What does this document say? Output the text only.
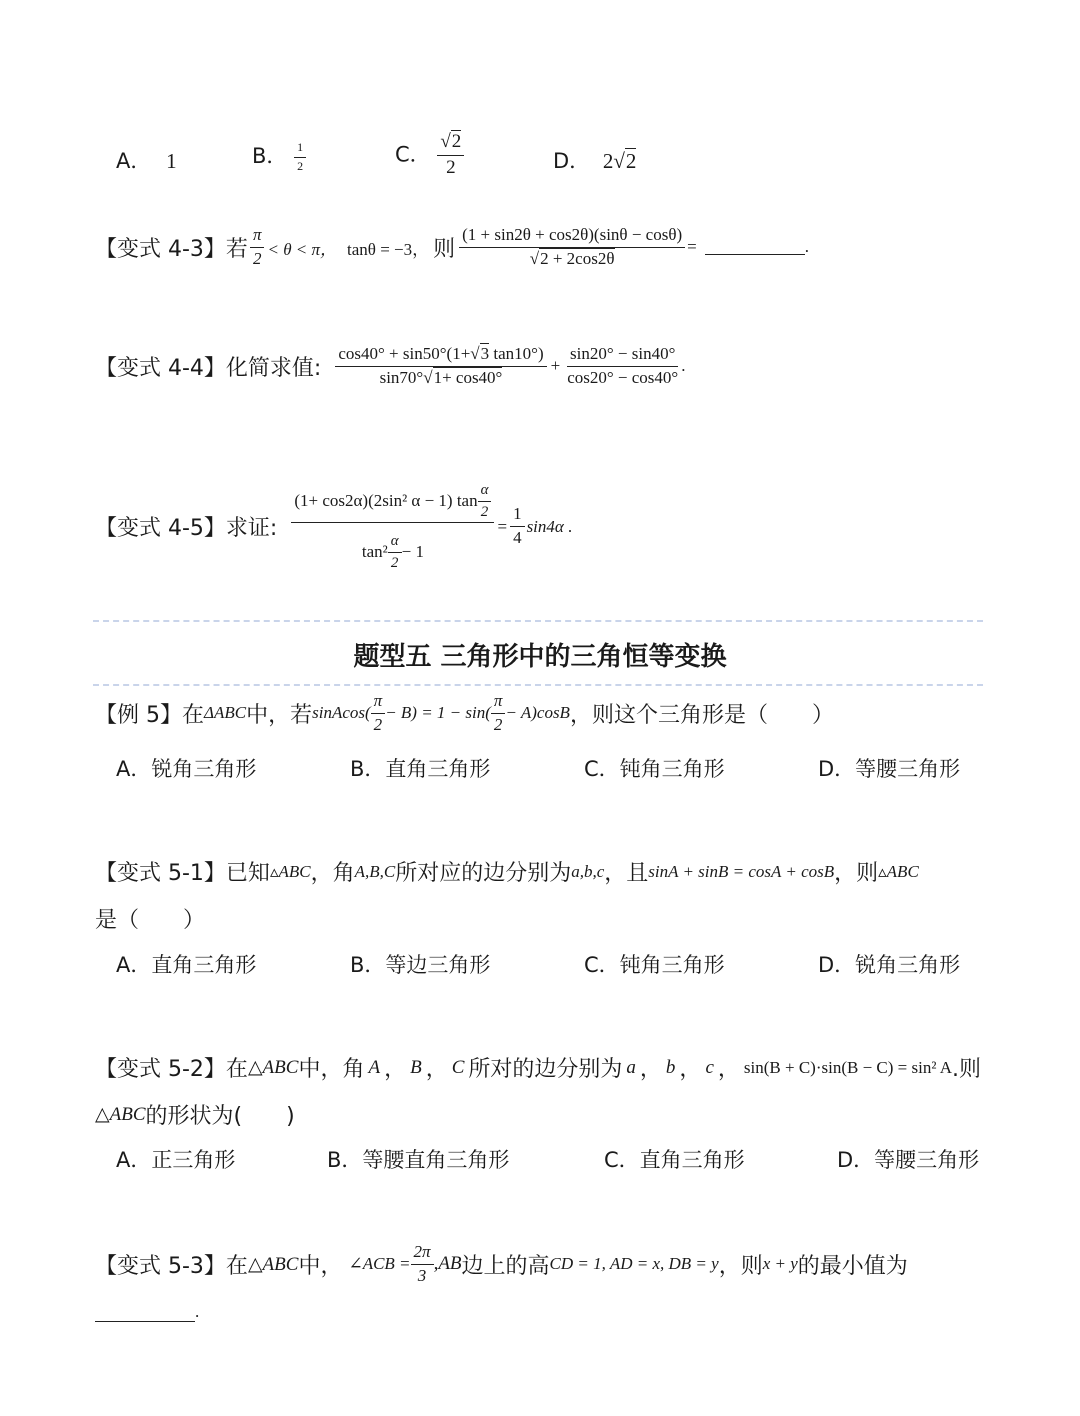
A． 1	B． $\frac{1}{2}$	C． $\frac{√2}{2}$	D． 2√2
【变式 4-3】若 $\frac{\pi}{2} < \theta < \pi$， tanθ = −3， 则 $\frac{(1 + \sin 2\theta + \cos 2\theta)(\sin\theta - \cos\theta)}{√2 + 2\cos 2\theta}$ =	.
【变式 4-4】化简求值: $\frac{\cos 40^\circ + \sin 50^\circ(1+√3 \tan 10^\circ)}{\sin 70^\circ√1+ \cos 40^\circ} + \frac{\sin 20^\circ - \sin 40^\circ}{\cos 20^\circ - \cos 40^\circ}$ .
【变式 4-5】求证: $\frac{(1+ \cos 2\alpha)(2\sin^2 \alpha - 1) \tan \frac{\alpha}{2}}{\tan^2 \frac{\alpha}{2} - 1} = \frac{1}{4} \sin 4\alpha$ .
题型五 三角形中的三角恒等变换
【例 5】在 ΔABC 中，若 sinAcos( $\frac{\pi}{2} - B) = 1 - \sin( \frac{\pi}{2} - A)\cos B$ ，则这个三角形是（　　）
A．锐角三角形	B．直角三角形	C．钝角三角形	D．等腰三角形
【变式 5-1】已知 ▵ABC ，角 A,B,C 所对应的边分别为 a,b,c ，且 sinA + sinB = cosA + cosB ，则 ▵ABC
是（　　）
A．直角三角形	B．等边三角形	C．钝角三角形	D．锐角三角形
【变式 5-2】在 △ABC 中，角 A ， B ， C 所对的边分别为 a ， b ， c ， sin(B + C)·sin(B − C) = sin² A .则
△ABC 的形状为(　　)
A．正三角形	B．等腰直角三角形	C．直角三角形	D．等腰三角形
【变式 5-3】在 △ABC 中， ∠ACB = $\frac{2\pi}{3} ,AB$ 边上的高 CD = 1, AD = x, DB = y ，则 x + y 的最小值为
.
